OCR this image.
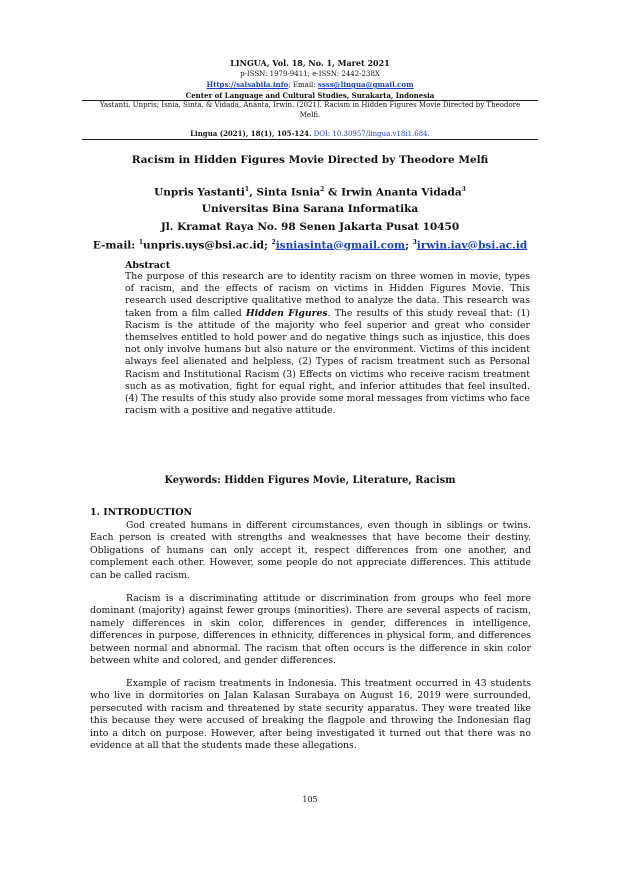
LINGUA, Vol. 18, No. 1, Maret 2021
p-ISSN: 1979-9411; e-ISSN: 2442-238X
Https://salsabila.info; Email: ssss@lingua@gmail.com
Center of Language and Cultural Studies, Surakarta, Indonesia
Yastanti, Unpris; Isnia, Sinta. & Vidada, Ananta, Irwin. (2021). Racism in Hidden Figures Movie Directed by Theodore Melfi.
Lingua (2021), 18(1), 105-124. DOI: 10.30957/lingua.v18i1.684.
Racism in Hidden Figures Movie Directed by Theodore Melfi
Unpris Yastanti$^1$, Sinta Isnia$^2$ & Irwin Ananta Vidada$^3$
Universitas Bina Sarana Informatika
Jl. Kramat Raya No. 98 Senen Jakarta Pusat 10450
E-mail: $^1$unpris.uys@bsi.ac.id; $^2$isniasinta@gmail.com; $^3$irwin.iav@bsi.ac.id
Abstract
The purpose of this research are to identity racism on three women in movie, types of racism, and the effects of racism on victims in Hidden Figures Movie. This research used descriptive qualitative method to analyze the data. This research was taken from a film called Hidden Figures. The results of this study reveal that: (1) Racism is the attitude of the majority who feel superior and great who consider themselves entitled to hold power and do negative things such as injustice, this does not only involve humans but also nature or the environment. Victims of this incident always feel alienated and helpless, (2) Types of racism treatment such as Personal Racism and Institutional Racism (3) Effects on victims who receive racism treatment such as as motivation, fight for equal right, and inferior attitudes that feel insulted. (4) The results of this study also provide some moral messages from victims who face racism with a positive and negative attitude.
Keywords: Hidden Figures Movie, Literature, Racism
1. INTRODUCTION

God created humans in different circumstances, even though in siblings or twins. Each person is created with strengths and weaknesses that have become their destiny. Obligations of humans can only accept it, respect differences from one another, and complement each other. However, some people do not appreciate differences. This attitude can be called racism.

Racism is a discriminating attitude or discrimination from groups who feel more dominant (majority) against fewer groups (minorities). There are several aspects of racism, namely differences in skin color, differences in gender, differences in intelligence, differences in purpose, differences in ethnicity, differences in physical form, and differences between normal and abnormal. The racism that often occurs is the difference in skin color between white and colored, and gender differences.

Example of racism treatments in Indonesia. This treatment occurred in 43 students who live in dormitories on Jalan Kalasan Surabaya on August 16, 2019 were surrounded, persecuted with racism and threatened by state security apparatus. They were treated like this because they were accused of breaking the flagpole and throwing the Indonesian flag into a ditch on purpose. However, after being investigated it turned out that there was no evidence at all that the students made these allegations.

105
